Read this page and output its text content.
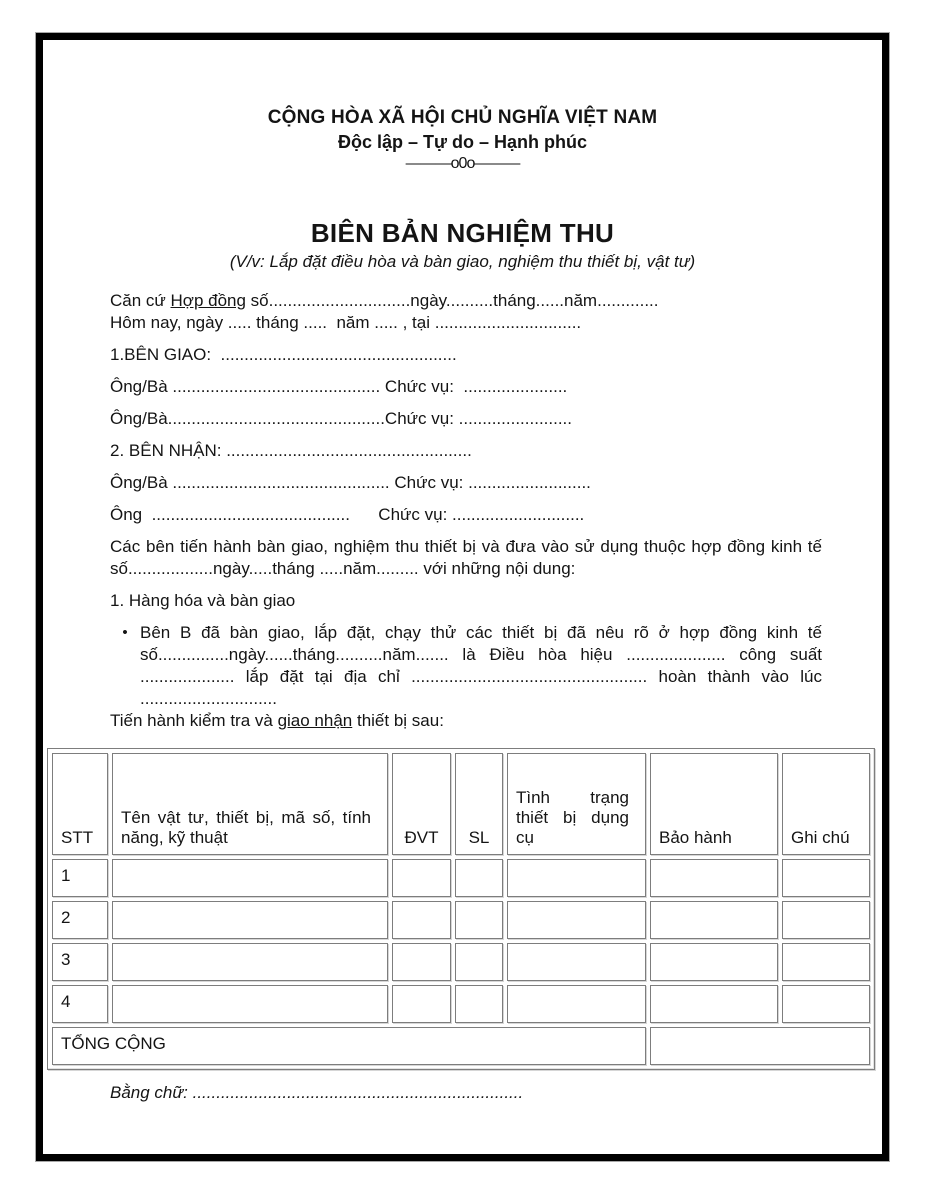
CỘNG HÒA XÃ HỘI CHỦ NGHĨA VIỆT NAM
Độc lập – Tự do – Hạnh phúc
———o0o———
BIÊN BẢN NGHIỆM THU
(V/v: Lắp đặt điều hòa và bàn giao, nghiệm thu thiết bị, vật tư)

Căn cứ Hợp đồng số..............................ngày..........tháng......năm.............

Hôm nay, ngày ..... tháng .....  năm ..... , tại ...............................

1.BÊN GIAO:  ..................................................

Ông/Bà ............................................ Chức vụ:  ......................

Ông/Bà..............................................Chức vụ: ........................

2. BÊN NHẬN: ....................................................

Ông/Bà .............................................. Chức vụ: ..........................

Ông  ..........................................      Chức vụ: ............................

Các bên tiến hành bàn giao, nghiệm thu thiết bị và đưa vào sử dụng thuộc hợp đồng kinh tế số..................ngày.....tháng .....năm......... với những nội dung:

1. Hàng hóa và bàn giao

• Bên B đã bàn giao, lắp đặt, chạy thử các thiết bị đã nêu rõ ở hợp đồng kinh tế số...............ngày......tháng..........năm....... là Điều hòa hiệu ..................... công suất .................... lắp đặt tại địa chỉ .................................................. hoàn thành vào lúc .............................

Tiến hành kiểm tra và giao nhận thiết bị sau:

STT	Tên vật tư, thiết bị, mã số, tính năng, kỹ thuật	ĐVT	SL	Tình trạng thiết bị dụng cụ	Bảo hành	Ghi chú
1						
2						
3						
4						
TỔNG CỘNG						
Bằng chữ: ......................................................................
